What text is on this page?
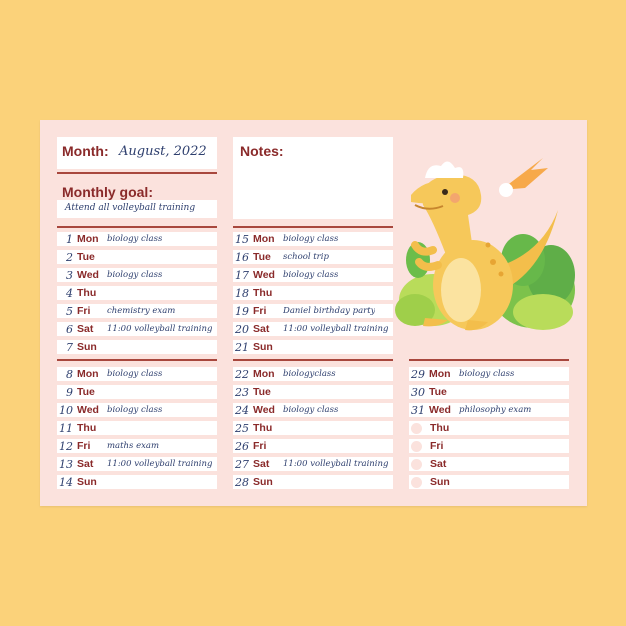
Month: August, 2022
Monthly goal:
Attend all volleyball training
Notes:
1 Mon biology class
2 Tue
3 Wed biology class
4 Thu
5 Fri	chemistry exam
6 Sat	11:00 volleyball training
7 Sun
15 Mon biology class
16 Tue	school trip
17 Wed biology class
18 Thu
19 Fri	Daniel birthday party
20 Sat	11:00 volleyball training
21 Sun
8 Mon biology class
9 Tue
10 Wed biology class
11 Thu
12 Fri	maths exam
13 Sat	11:00 volleyball training
14 Sun
22 Mon biologyclass
23 Tue
24 Wed biology class
25 Thu
26 Fri
27 Sat	11:00 volleyball training
28 Sun
29 Mon biology class
30 Tue
31 Wed philosophy exam
Thu
Fri
Sat
Sun
